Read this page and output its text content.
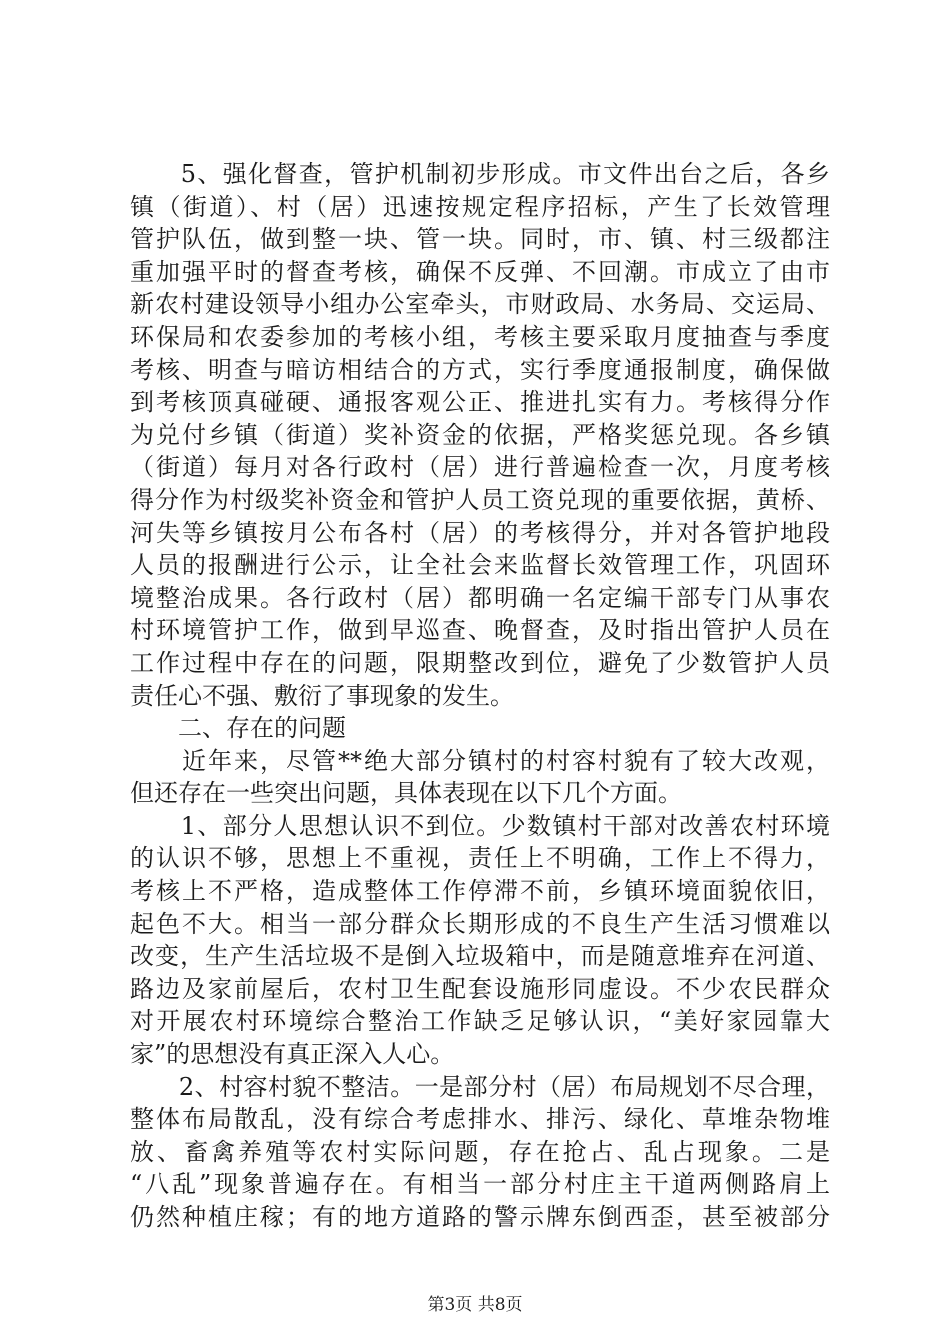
　　5、强化督查，管护机制初步形成。市文件出台之后，各乡
镇（街道）、村（居）迅速按规定程序招标，产生了长效管理
管护队伍，做到整一块、管一块。同时，市、镇、村三级都注
重加强平时的督查考核，确保不反弹、不回潮。市成立了由市
新农村建设领导小组办公室牵头，市财政局、水务局、交运局、
环保局和农委参加的考核小组，考核主要采取月度抽查与季度
考核、明查与暗访相结合的方式，实行季度通报制度，确保做
到考核顶真碰硬、通报客观公正、推进扎实有力。考核得分作
为兑付乡镇（街道）奖补资金的依据，严格奖惩兑现。各乡镇
（街道）每月对各行政村（居）进行普遍检查一次，月度考核
得分作为村级奖补资金和管护人员工资兑现的重要依据，黄桥、
河失等乡镇按月公布各村（居）的考核得分，并对各管护地段
人员的报酬进行公示，让全社会来监督长效管理工作，巩固环
境整治成果。各行政村（居）都明确一名定编干部专门从事农
村环境管护工作，做到早巡查、晚督查，及时指出管护人员在
工作过程中存在的问题，限期整改到位，避免了少数管护人员
责任心不强、敷衍了事现象的发生。
　　二、存在的问题
　　近年来，尽管**绝大部分镇村的村容村貌有了较大改观，
但还存在一些突出问题，具体表现在以下几个方面。
　　1、部分人思想认识不到位。少数镇村干部对改善农村环境
的认识不够，思想上不重视，责任上不明确，工作上不得力，
考核上不严格，造成整体工作停滞不前，乡镇环境面貌依旧，
起色不大。相当一部分群众长期形成的不良生产生活习惯难以
改变，生产生活垃圾不是倒入垃圾箱中，而是随意堆弃在河道、
路边及家前屋后，农村卫生配套设施形同虚设。不少农民群众
对开展农村环境综合整治工作缺乏足够认识，“美好家园靠大
家”的思想没有真正深入人心。
　　2、村容村貌不整洁。一是部分村（居）布局规划不尽合理，
整体布局散乱，没有综合考虑排水、排污、绿化、草堆杂物堆
放、畜禽养殖等农村实际问题，存在抢占、乱占现象。二是
“八乱”现象普遍存在。有相当一部分村庄主干道两侧路肩上
仍然种植庄稼；有的地方道路的警示牌东倒西歪，甚至被部分
第3页 共8页
